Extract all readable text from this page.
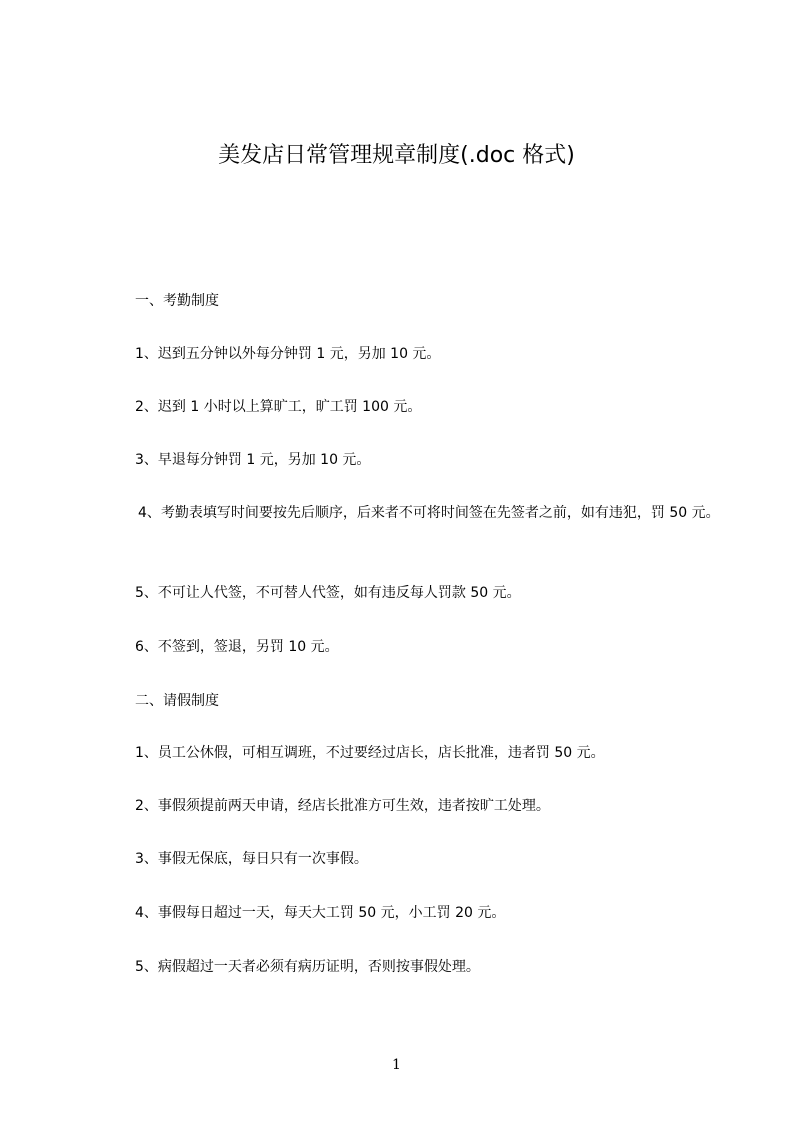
美发店日常管理规章制度(.doc 格式)

一、考勤制度

1、迟到五分钟以外每分钟罚 1 元，另加 10 元。

2、迟到 1 小时以上算旷工，旷工罚 100 元。

3、早退每分钟罚 1 元，另加 10 元。

4、考勤表填写时间要按先后顺序，后来者不可将时间签在先签者之前，如有违犯，罚 50 元。

5、不可让人代签，不可替人代签，如有违反每人罚款 50 元。

6、不签到，签退，另罚 10 元。

二、请假制度

1、员工公休假，可相互调班，不过要经过店长，店长批准，违者罚 50 元。

2、事假须提前两天申请，经店长批准方可生效，违者按旷工处理。

3、事假无保底，每日只有一次事假。

4、事假每日超过一天，每天大工罚 50 元，小工罚 20 元。

5、病假超过一天者必须有病历证明，否则按事假处理。

1
